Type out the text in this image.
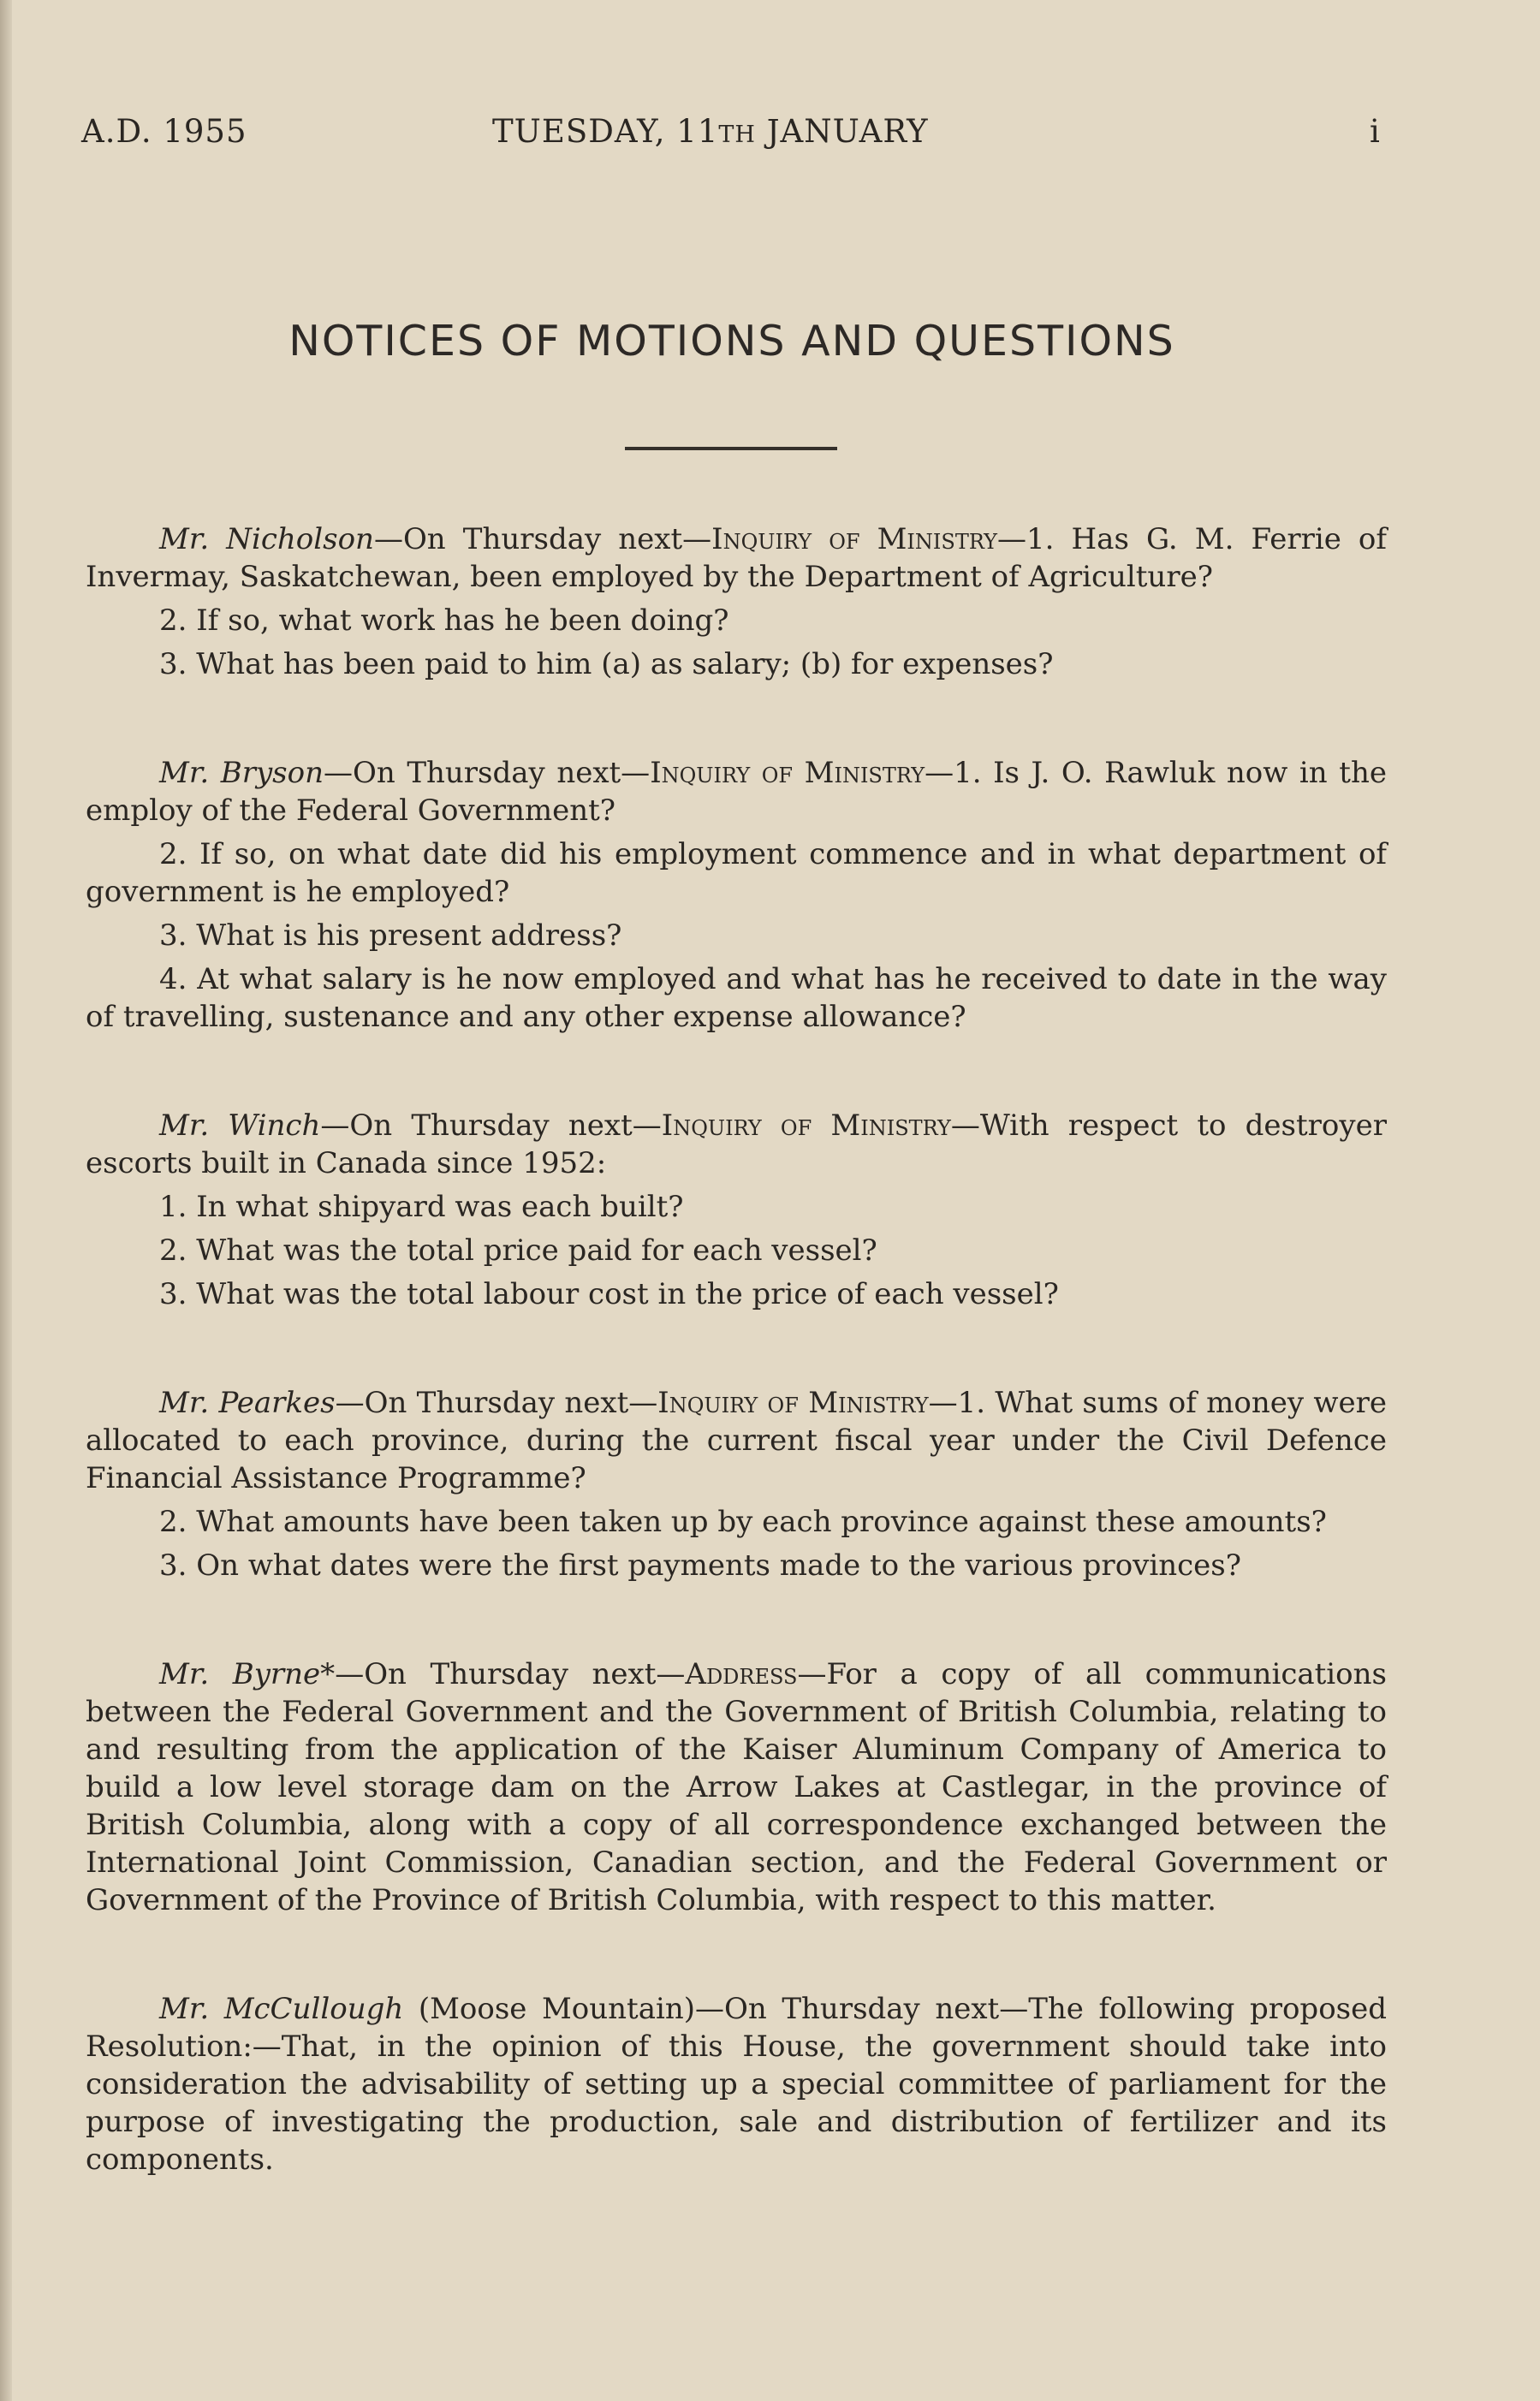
A.D. 1955	TUESDAY, 11TH JANUARY	i
NOTICES OF MOTIONS AND QUESTIONS

Mr. Nicholson—On Thursday next—Inquiry of Ministry—1. Has G. M. Ferrie of Invermay, Saskatchewan, been employed by the Department of Agriculture?

2. If so, what work has he been doing?

3. What has been paid to him (a) as salary; (b) for expenses?

Mr. Bryson—On Thursday next—Inquiry of Ministry—1. Is J. O. Rawluk now in the employ of the Federal Government?

2. If so, on what date did his employment commence and in what department of government is he employed?

3. What is his present address?

4. At what salary is he now employed and what has he received to date in the way of travelling, sustenance and any other expense allowance?

Mr. Winch—On Thursday next—Inquiry of Ministry—With respect to destroyer escorts built in Canada since 1952:

1. In what shipyard was each built?

2. What was the total price paid for each vessel?

3. What was the total labour cost in the price of each vessel?

Mr. Pearkes—On Thursday next—Inquiry of Ministry—1. What sums of money were allocated to each province, during the current fiscal year under the Civil Defence Financial Assistance Programme?

2. What amounts have been taken up by each province against these amounts?

3. On what dates were the first payments made to the various provinces?

Mr. Byrne*—On Thursday next—Address—For a copy of all communications between the Federal Government and the Government of British Columbia, relating to and resulting from the application of the Kaiser Aluminum Company of America to build a low level storage dam on the Arrow Lakes at Castlegar, in the province of British Columbia, along with a copy of all correspondence exchanged between the International Joint Commission, Canadian section, and the Federal Government or Government of the Province of British Columbia, with respect to this matter.

Mr. McCullough (Moose Mountain)—On Thursday next—The following proposed Resolution:—That, in the opinion of this House, the government should take into consideration the advisability of setting up a special committee of parliament for the purpose of investigating the production, sale and distribution of fertilizer and its components.
